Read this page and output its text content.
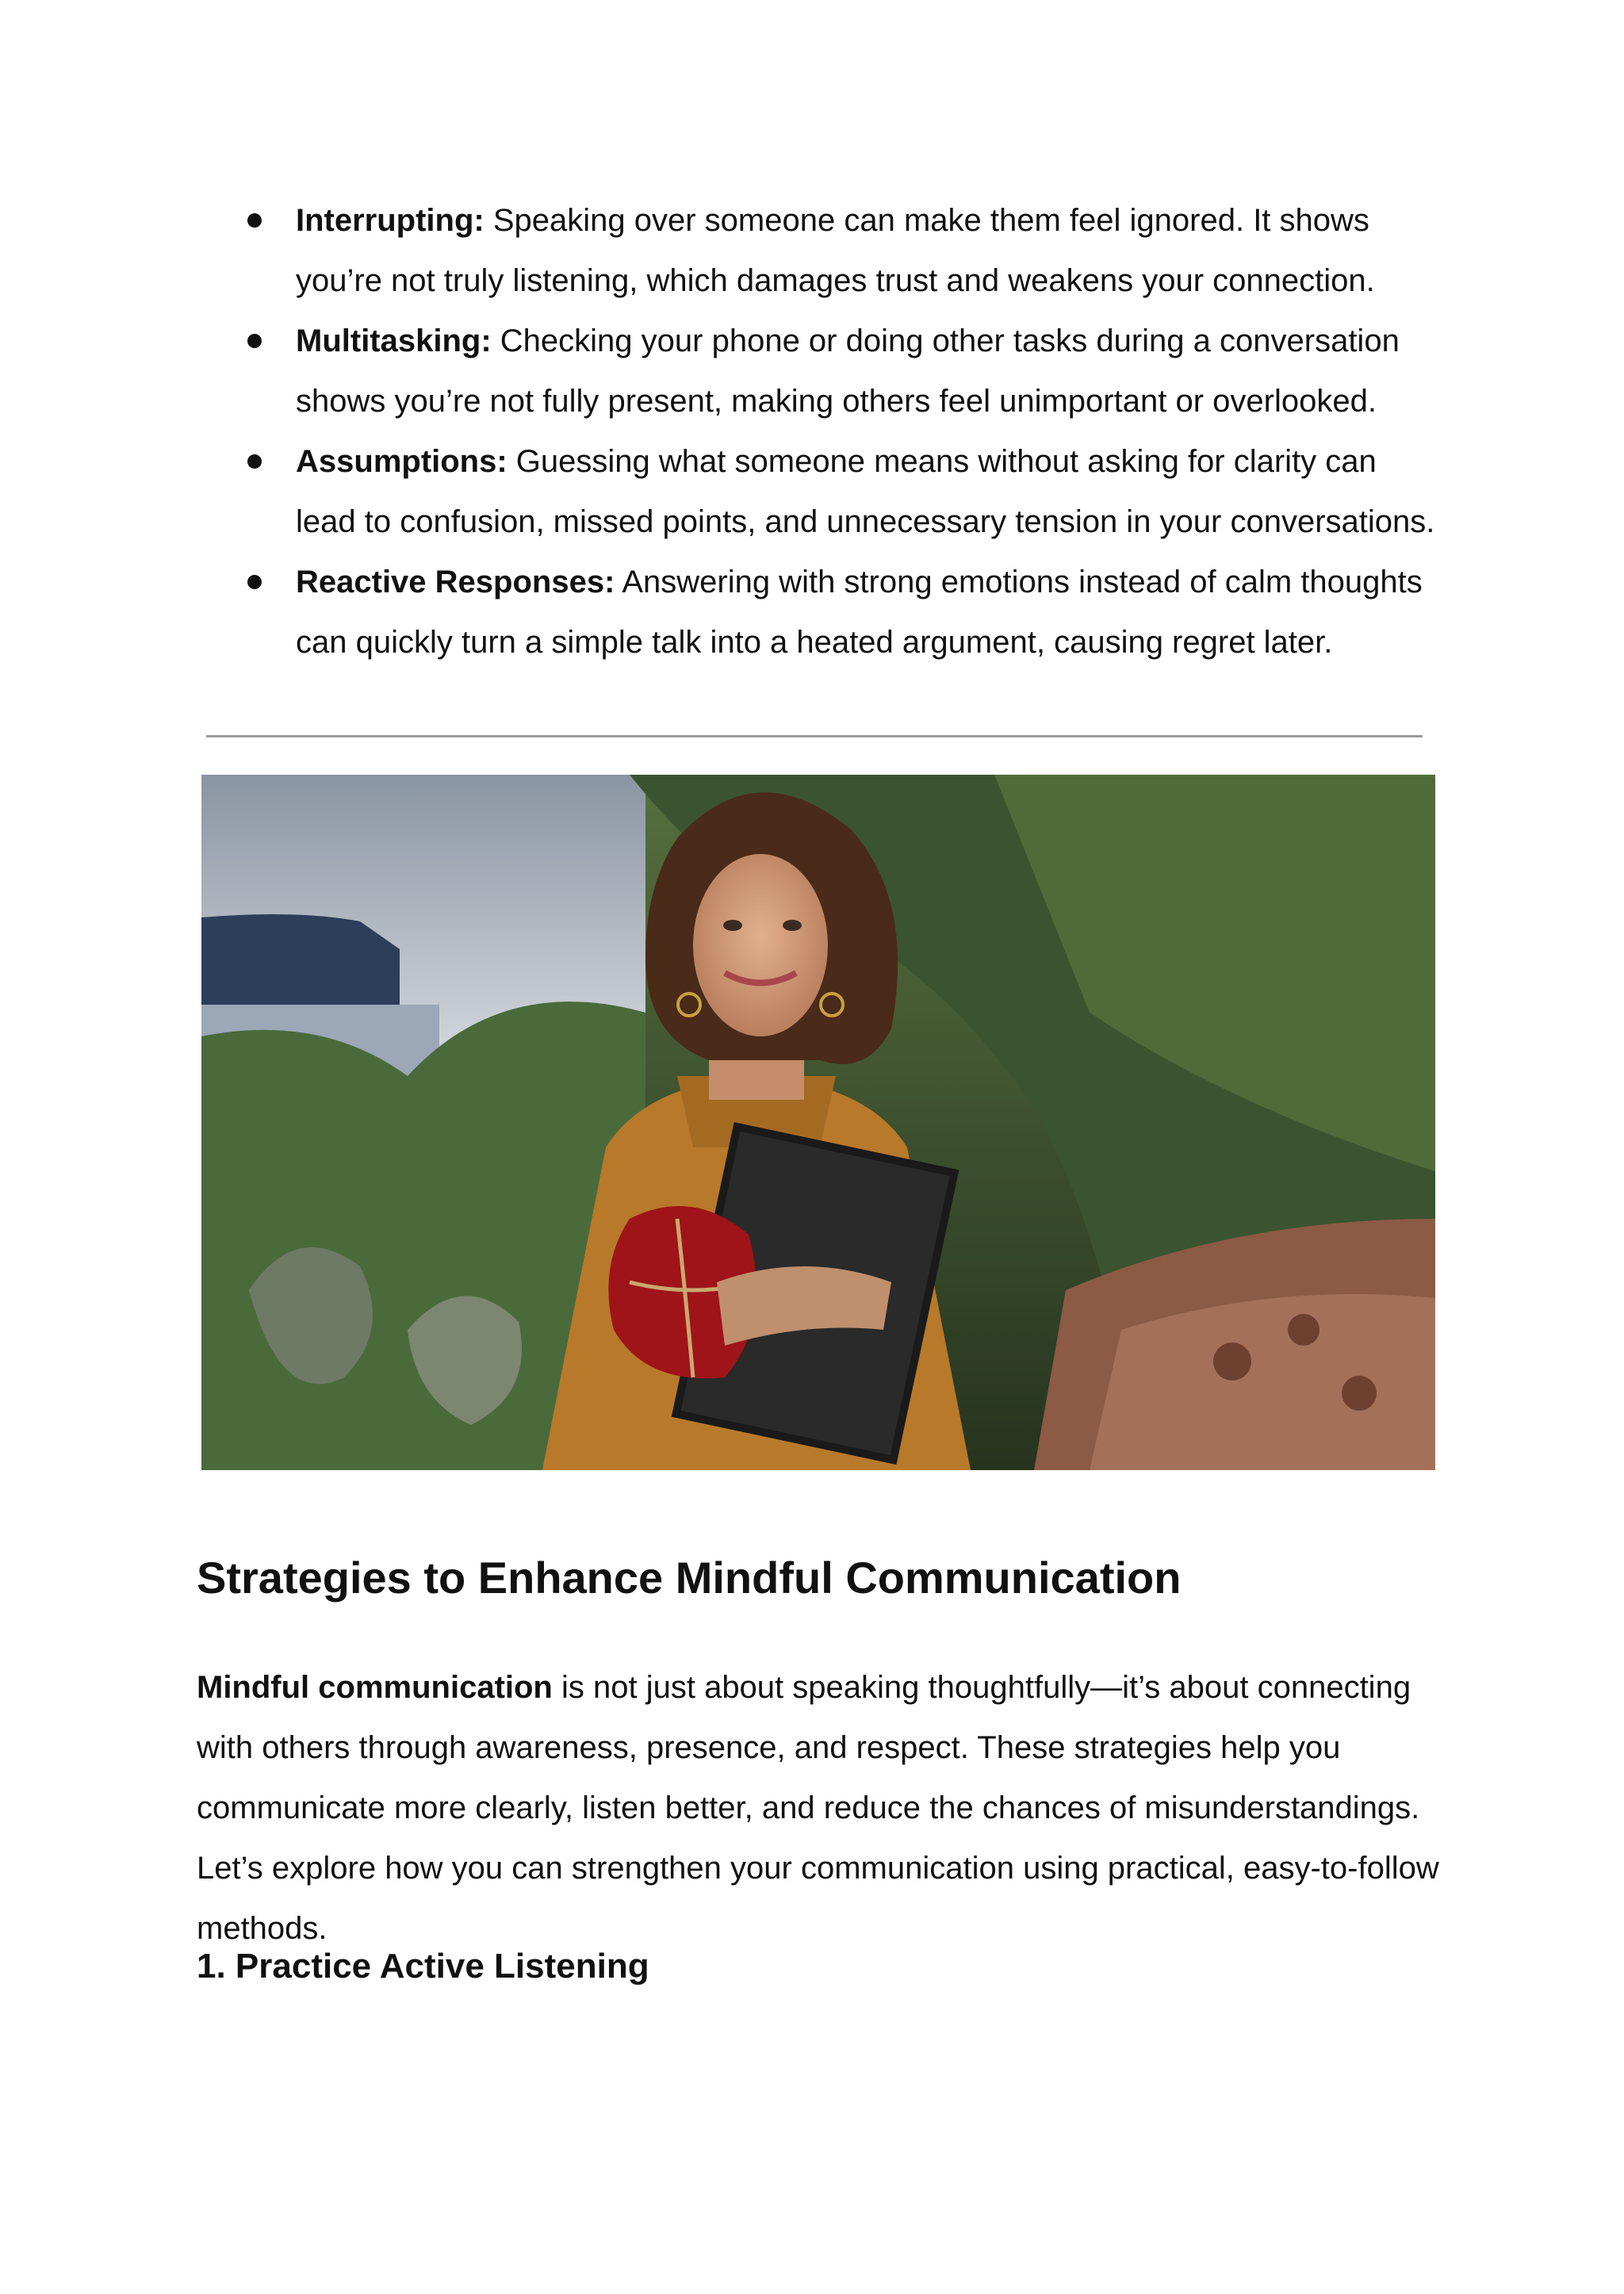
Interrupting: Speaking over someone can make them feel ignored. It shows you’re not truly listening, which damages trust and weakens your connection.
Multitasking: Checking your phone or doing other tasks during a conversation shows you’re not fully present, making others feel unimportant or overlooked.
Assumptions: Guessing what someone means without asking for clarity can lead to confusion, missed points, and unnecessary tension in your conversations.
Reactive Responses: Answering with strong emotions instead of calm thoughts can quickly turn a simple talk into a heated argument, causing regret later.
Strategies to Enhance Mindful Communication

Mindful communication is not just about speaking thoughtfully—it’s about connecting with others through awareness, presence, and respect. These strategies help you communicate more clearly, listen better, and reduce the chances of misunderstandings. Let’s explore how you can strengthen your communication using practical, easy-to-follow methods.

1. Practice Active Listening
